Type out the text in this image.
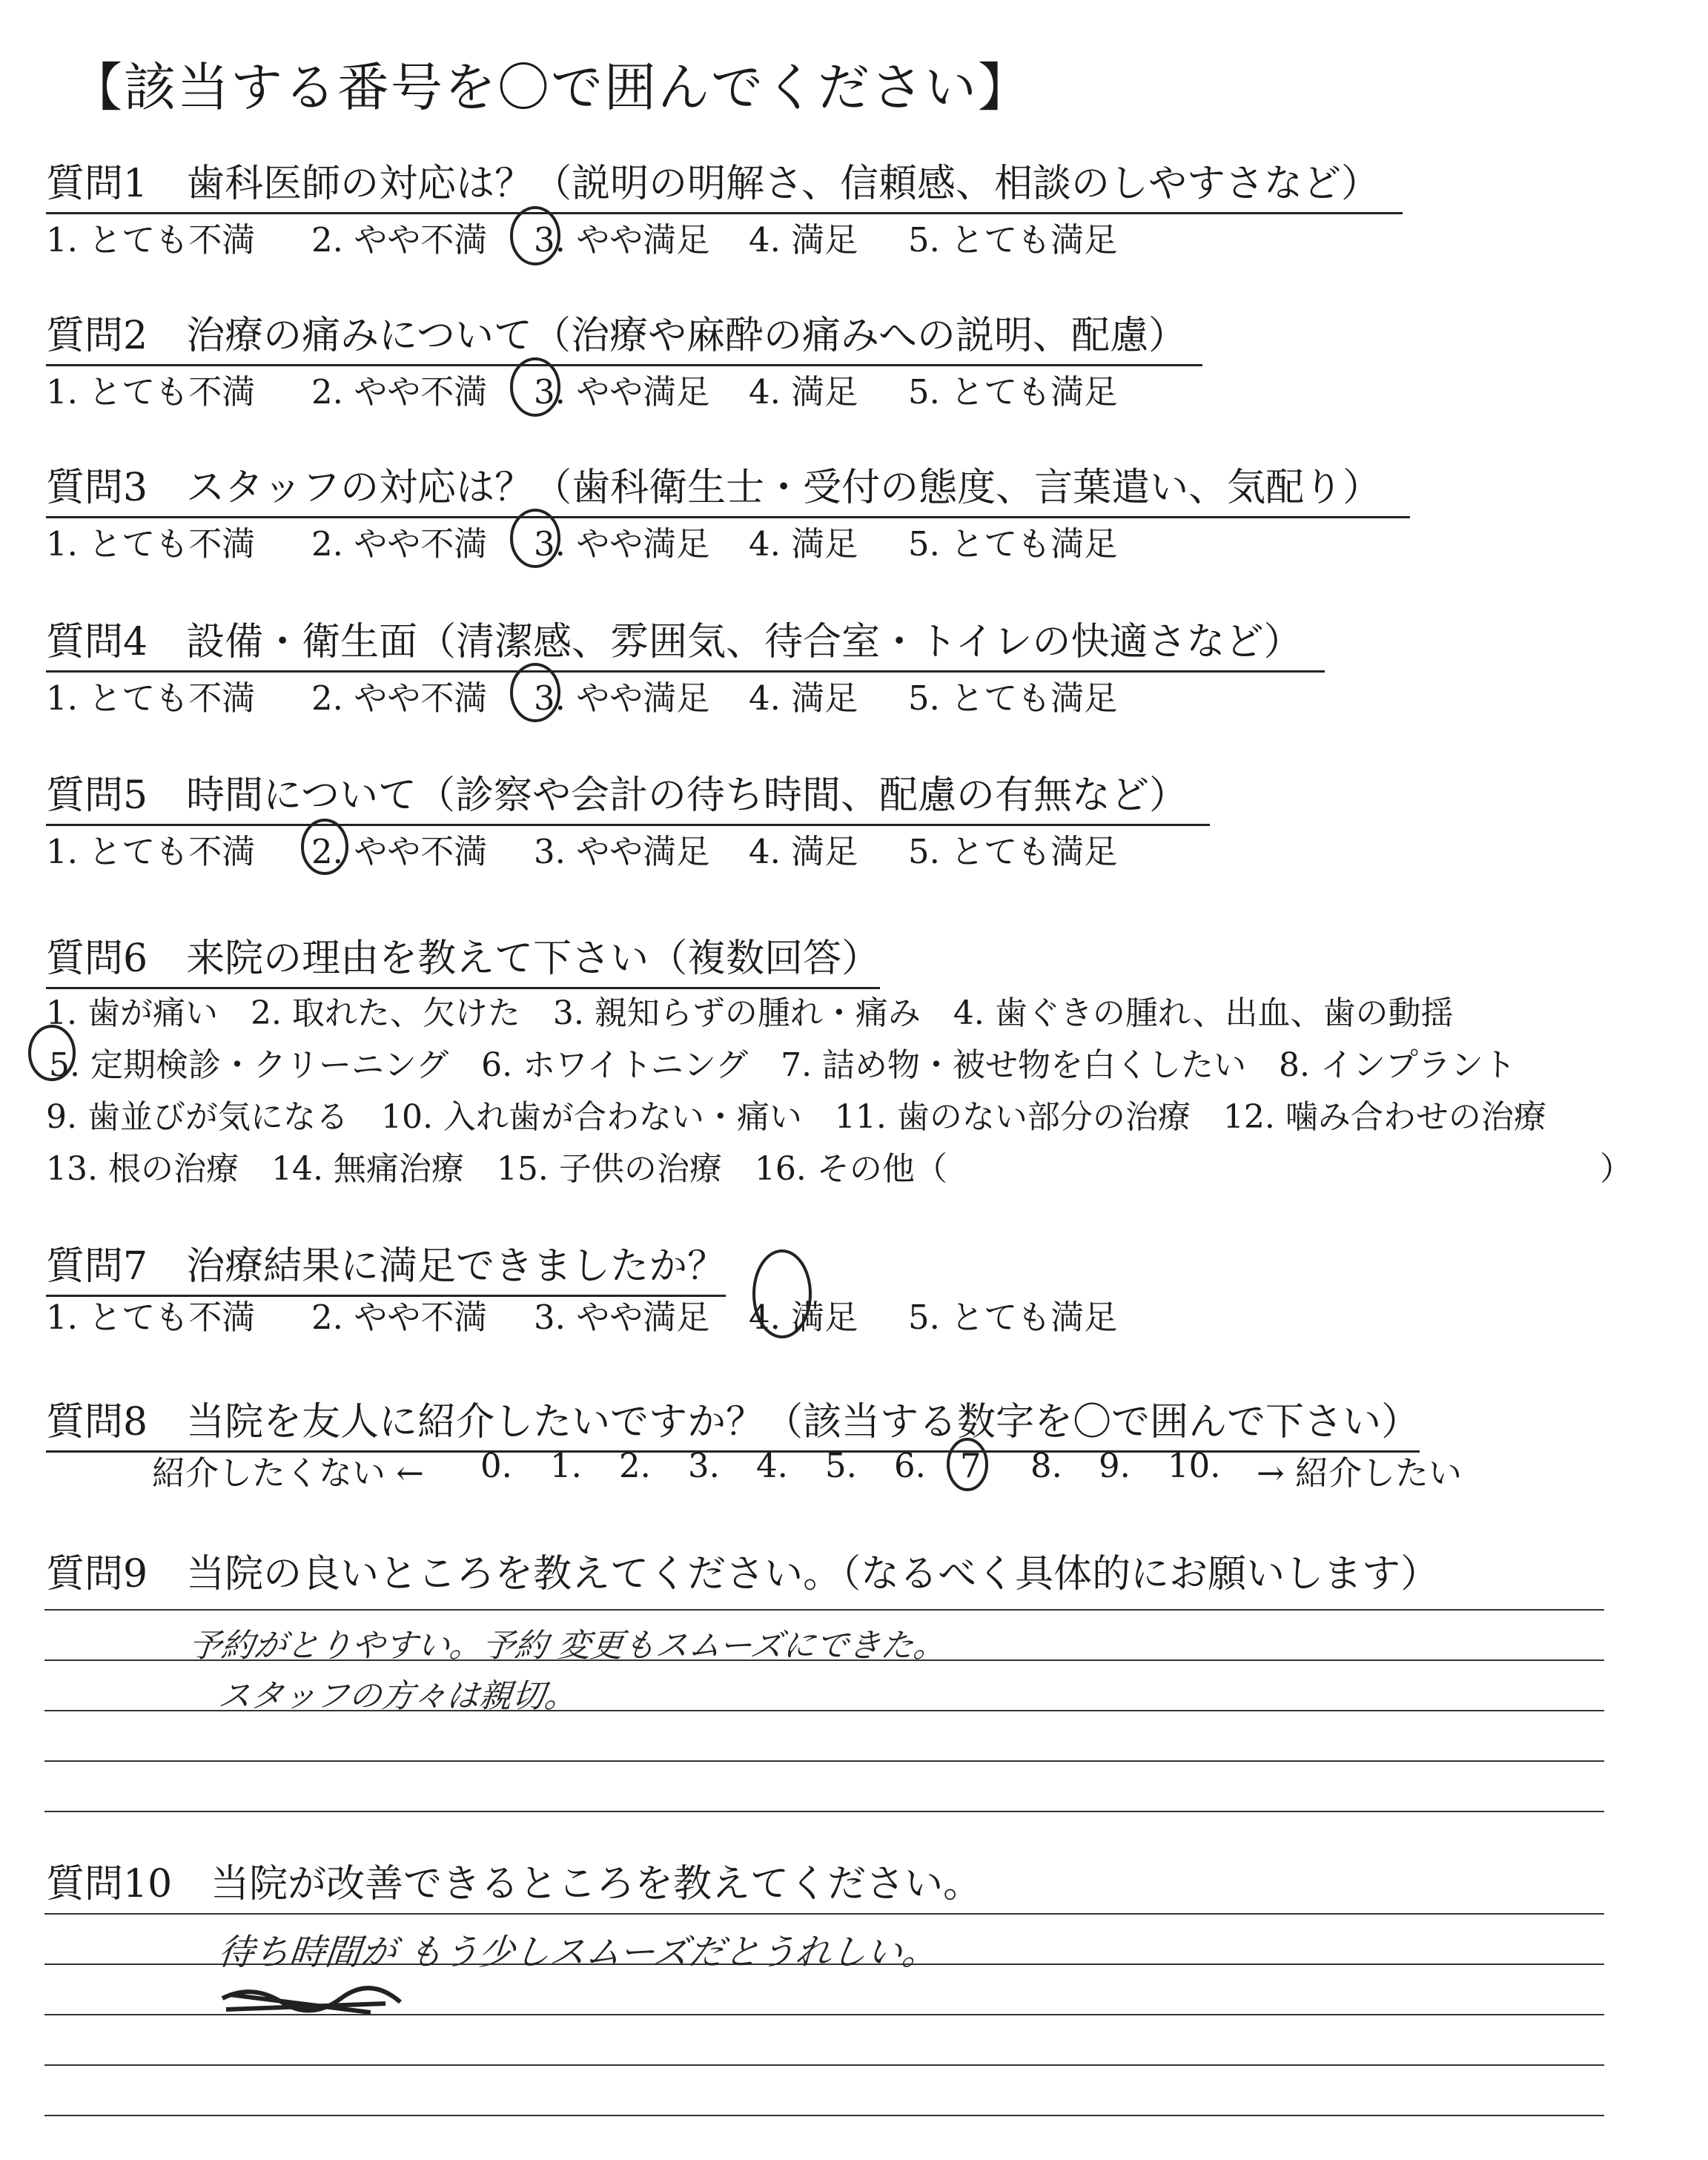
【該当する番号を〇で囲んでください】
質問1　歯科医師の対応は？（説明の明解さ、信頼感、相談のしやすさなど）
1. とても不満 2. やや不満 3. やや満足 4. 満足 5. とても満足
質問2　治療の痛みについて（治療や麻酔の痛みへの説明、配慮）
1. とても不満 2. やや不満 3. やや満足 4. 満足 5. とても満足
質問3　スタッフの対応は？（歯科衛生士・受付の態度、言葉遣い、気配り）
1. とても不満 2. やや不満 3. やや満足 4. 満足 5. とても満足
質問4　設備・衛生面（清潔感、雰囲気、待合室・トイレの快適さなど）
1. とても不満 2. やや不満 3. やや満足 4. 満足 5. とても満足
質問5　時間について（診察や会計の待ち時間、配慮の有無など）
1. とても不満 2. やや不満 3. やや満足 4. 満足 5. とても満足
質問6　来院の理由を教えて下さい（複数回答）
1. 歯が痛い　2. 取れた、欠けた　3. 親知らずの腫れ・痛み　4. 歯ぐきの腫れ、出血、歯の動揺
5. 定期検診・クリーニング　6. ホワイトニング　7. 詰め物・被せ物を白くしたい　8. インプラント
9. 歯並びが気になる　10. 入れ歯が合わない・痛い　11. 歯のない部分の治療　12. 噛み合わせの治療
13. 根の治療　14. 無痛治療　15. 子供の治療　16. その他（	）
質問7　治療結果に満足できましたか？
1. とても不満 2. やや不満 3. やや満足 4. 満足 5. とても満足
質問8　当院を友人に紹介したいですか？（該当する数字を〇で囲んで下さい）
紹介したくない ← 0. 1. 2. 3. 4. 5. 6. 7 8. 9. 10. → 紹介したい
質問9　当院の良いところを教えてください。（なるべく具体的にお願いします）
予約がとりやすい。予約 変更もスムーズにできた。
スタッフの方々は親切。
質問10　当院が改善できるところを教えてください。
待ち時間が もう少しスムーズだとうれしい。
